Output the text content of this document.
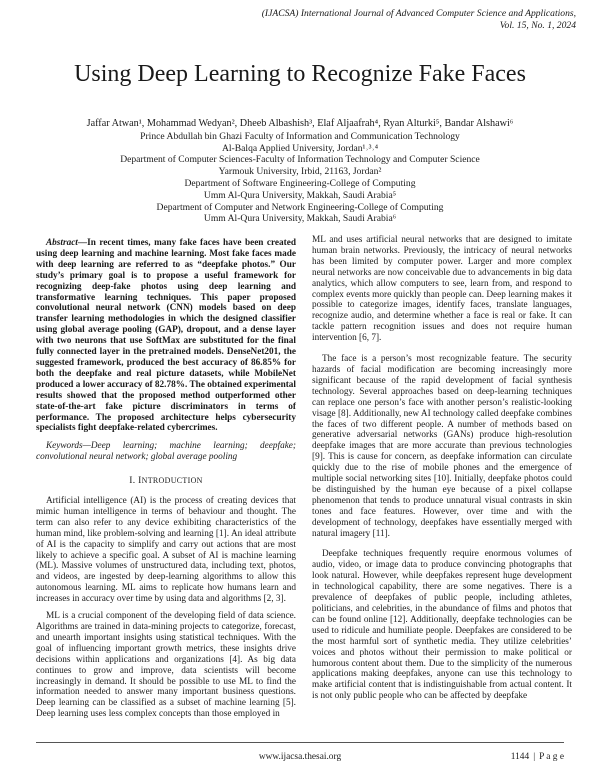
(IJACSA) International Journal of Advanced Computer Science and Applications,
Vol. 15, No. 1, 2024
Using Deep Learning to Recognize Fake Faces
Jaffar Atwan¹, Mohammad Wedyan², Dheeb Albashish³, Elaf Aljaafrah⁴, Ryan Alturki⁵, Bandar Alshawi⁶
Prince Abdullah bin Ghazi Faculty of Information and Communication Technology
Al-Balqa Applied University, Jordan¹˒³˒⁴
Department of Computer Sciences-Faculty of Information Technology and Computer Science
Yarmouk University, Irbid, 21163, Jordan²
Department of Software Engineering-College of Computing
Umm Al-Qura University, Makkah, Saudi Arabia⁵
Department of Computer and Network Engineering-College of Computing
Umm Al-Qura University, Makkah, Saudi Arabia⁶

Abstract—In recent times, many fake faces have been created using deep learning and machine learning. Most fake faces made with deep learning are referred to as “deepfake photos.” Our study’s primary goal is to propose a useful framework for recognizing deep-fake photos using deep learning and transformative learning techniques. This paper proposed convolutional neural network (CNN) models based on deep transfer learning methodologies in which the designed classifier using global average pooling (GAP), dropout, and a dense layer with two neurons that use SoftMax are substituted for the final fully connected layer in the pretrained models. DenseNet201, the suggested framework, produced the best accuracy of 86.85% for both the deepfake and real picture datasets, while MobileNet produced a lower accuracy of 82.78%. The obtained experimental results showed that the proposed method outperformed other state-of-the-art fake picture discriminators in terms of performance. The proposed architecture helps cybersecurity specialists fight deepfake-related cybercrimes.

Keywords—Deep learning; machine learning; deepfake; convolutional neural network; global average pooling

I. INTRODUCTION

Artificial intelligence (AI) is the process of creating devices that mimic human intelligence in terms of behaviour and thought. The term can also refer to any device exhibiting characteristics of the human mind, like problem-solving and learning [1]. An ideal attribute of AI is the capacity to simplify and carry out actions that are most likely to achieve a specific goal. A subset of AI is machine learning (ML). Massive volumes of unstructured data, including text, photos, and videos, are ingested by deep-learning algorithms to allow this autonomous learning. ML aims to replicate how humans learn and increases in accuracy over time by using data and algorithms [2, 3].

ML is a crucial component of the developing field of data science. Algorithms are trained in data-mining projects to categorize, forecast, and unearth important insights using statistical techniques. With the goal of influencing important growth metrics, these insights drive decisions within applications and organizations [4]. As big data continues to grow and improve, data scientists will become increasingly in demand. It should be possible to use ML to find the information needed to answer many important business questions. Deep learning can be classified as a subset of machine learning [5]. Deep learning uses less complex concepts than those employed in

ML and uses artificial neural networks that are designed to imitate human brain networks. Previously, the intricacy of neural networks has been limited by computer power. Larger and more complex neural networks are now conceivable due to advancements in big data analytics, which allow computers to see, learn from, and respond to complex events more quickly than people can. Deep learning makes it possible to categorize images, identify faces, translate languages, recognize audio, and determine whether a face is real or fake. It can tackle pattern recognition issues and does not require human intervention [6, 7].

The face is a person’s most recognizable feature. The security hazards of facial modification are becoming increasingly more significant because of the rapid development of facial synthesis technology. Several approaches based on deep-learning techniques can replace one person’s face with another person’s realistic-looking visage [8]. Additionally, new AI technology called deepfake combines the faces of two different people. A number of methods based on generative adversarial networks (GANs) produce high-resolution deepfake images that are more accurate than previous technologies [9]. This is cause for concern, as deepfake information can circulate quickly due to the rise of mobile phones and the emergence of multiple social networking sites [10]. Initially, deepfake photos could be distinguished by the human eye because of a pixel collapse phenomenon that tends to produce unnatural visual contrasts in skin tones and face features. However, over time and with the development of technology, deepfakes have essentially merged with natural imagery [11].

Deepfake techniques frequently require enormous volumes of audio, video, or image data to produce convincing photographs that look natural. However, while deepfakes represent huge development in technological capability, there are some negatives. There is a prevalence of deepfakes of public people, including athletes, politicians, and celebrities, in the abundance of films and photos that can be found online [12]. Additionally, deepfake technologies can be used to ridicule and humiliate people. Deepfakes are considered to be the most harmful sort of synthetic media. They utilize celebrities’ voices and photos without their permission to make political or humorous content about them. Due to the simplicity of the numerous applications making deepfakes, anyone can use this technology to make artificial content that is indistinguishable from actual content. It is not only public people who can be affected by deepfake

www.ijacsa.thesai.org	1144 | P a g e
